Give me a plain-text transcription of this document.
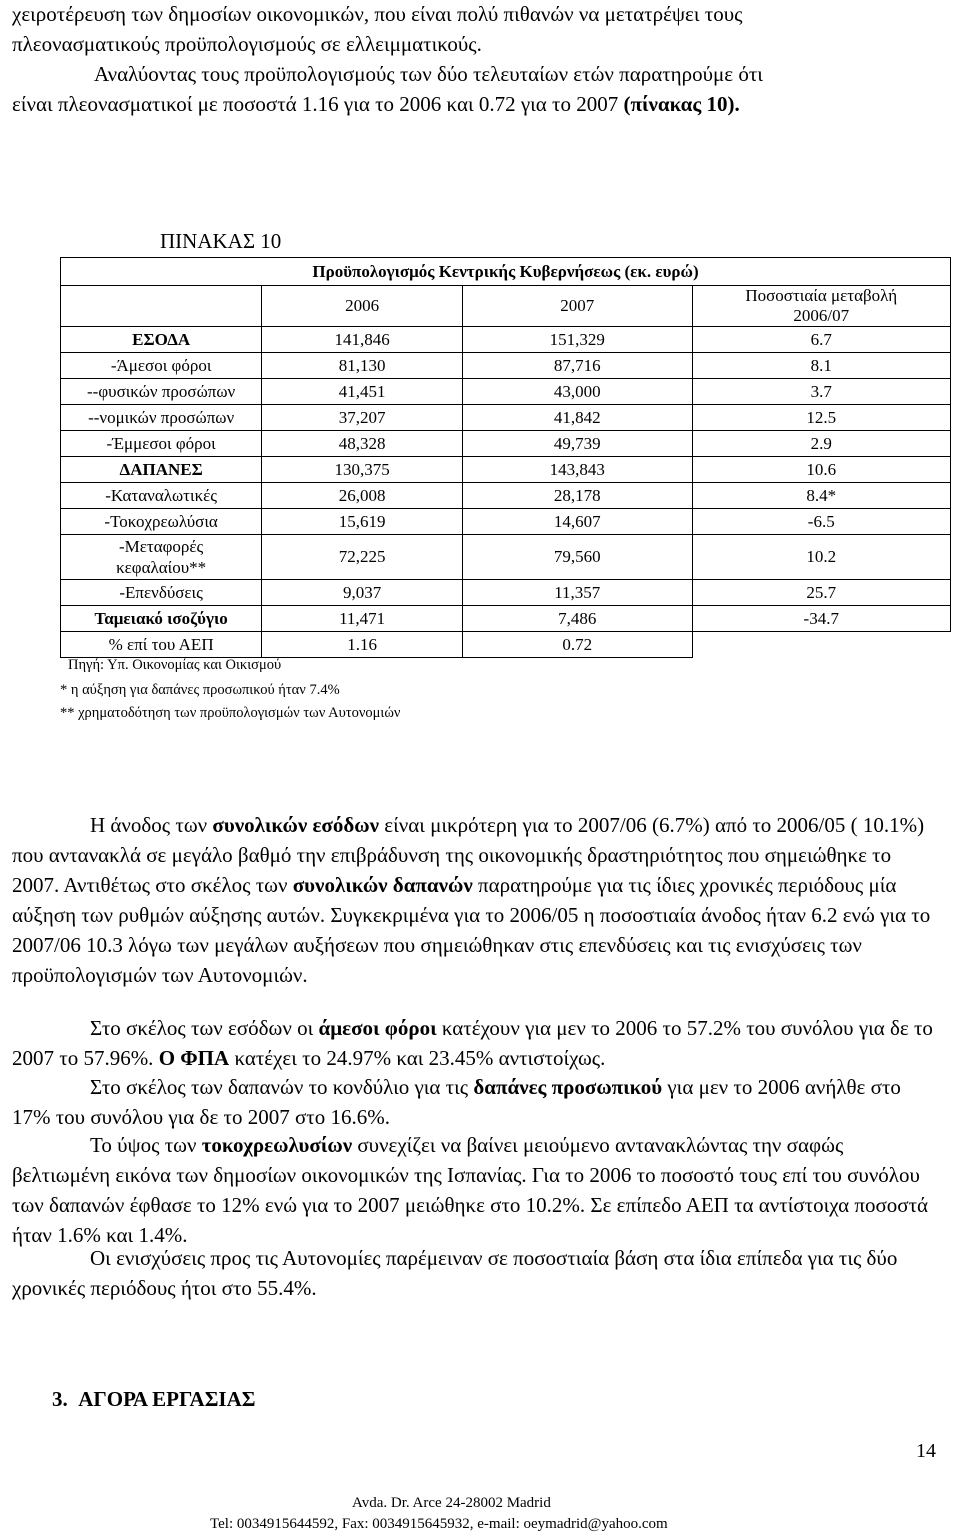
χειροτέρευση των δημοσίων οικονομικών, που είναι πολύ πιθανών να μετατρέψει τους
πλεονασματικούς προϋπολογισμούς σε ελλειμματικούς.
Αναλύοντας τους προϋπολογισμούς των δύο τελευταίων ετών παρατηρούμε ότι
είναι πλεονασματικοί με ποσοστά 1.16 για το 2006 και 0.72 για το 2007 (πίνακας 10).
ΠΙΝΑΚΑΣ 10
Προϋπολογισμός Κεντρικής Κυβερνήσεως (εκ. ευρώ)			
	2006	2007	Ποσοστιαία μεταβολή
2006/07

ΕΣΟΔΑ	141,846	151,329	6.7
-Άμεσοι φόροι	81,130	87,716	8.1
--φυσικών προσώπων	41,451	43,000	3.7
--νομικών προσώπων	37,207	41,842	12.5
-Έμμεσοι φόροι	48,328	49,739	2.9
ΔΑΠΑΝΕΣ	130,375	143,843	10.6
-Καταναλωτικές	26,008	28,178	8.4*
-Τοκοχρεωλύσια	15,619	14,607	-6.5

-Μεταφορές
κεφαλαίου**	72,225	79,560	10.2
-Επενδύσεις	9,037	11,357	25.7
Ταμειακό ισοζύγιο	11,471	7,486	-34.7
% επί του ΑΕΠ	1.16	0.72	
Πηγή: Υπ. Οικονομίας και Οικισμού
* η αύξηση για δαπάνες προσωπικού ήταν 7.4%
** χρηματοδότηση των προϋπολογισμών των Αυτονομιών

Η άνοδος των συνολικών εσόδων είναι μικρότερη για το 2007/06 (6.7%) από το 2006/05 ( 10.1%) που αντανακλά σε μεγάλο βαθμό την επιβράδυνση της οικονομικής δραστηριότητος που σημειώθηκε το 2007. Αντιθέτως στο σκέλος των συνολικών δαπανών παρατηρούμε για τις ίδιες χρονικές περιόδους μία αύξηση των ρυθμών αύξησης αυτών. Συγκεκριμένα για το 2006/05 η ποσοστιαία άνοδος ήταν 6.2 ενώ για το 2007/06 10.3 λόγω των μεγάλων αυξήσεων που σημειώθηκαν στις επενδύσεις και τις ενισχύσεις των προϋπολογισμών των Αυτονομιών.

Στο σκέλος των εσόδων οι άμεσοι φόροι κατέχουν για μεν το 2006 το 57.2% του συνόλου για δε το 2007 το 57.96%. Ο ΦΠΑ κατέχει το 24.97% και 23.45% αντιστοίχως.

Στο σκέλος των δαπανών το κονδύλιο για τις δαπάνες προσωπικού για μεν το 2006 ανήλθε στο 17% του συνόλου για δε το 2007 στο 16.6%.

Το ύψος των τοκοχρεωλυσίων συνεχίζει να βαίνει μειούμενο αντανακλώντας την σαφώς βελτιωμένη εικόνα των δημοσίων οικονομικών της Ισπανίας. Για το 2006 το ποσοστό τους επί του συνόλου των δαπανών έφθασε το 12% ενώ για το 2007 μειώθηκε στο 10.2%. Σε επίπεδο ΑΕΠ τα αντίστοιχα ποσοστά ήταν 1.6% και 1.4%.

Οι ενισχύσεις προς τις Αυτονομίες παρέμειναν σε ποσοστιαία βάση στα ίδια επίπεδα για τις δύο χρονικές περιόδους ήτοι στο 55.4%.

3. ΑΓΟΡΑ ΕΡΓΑΣΙΑΣ
14
Avda. Dr. Arce 24-28002 Madrid
Tel: 0034915644592, Fax: 0034915645932, e-mail: oeymadrid@yahoo.com
